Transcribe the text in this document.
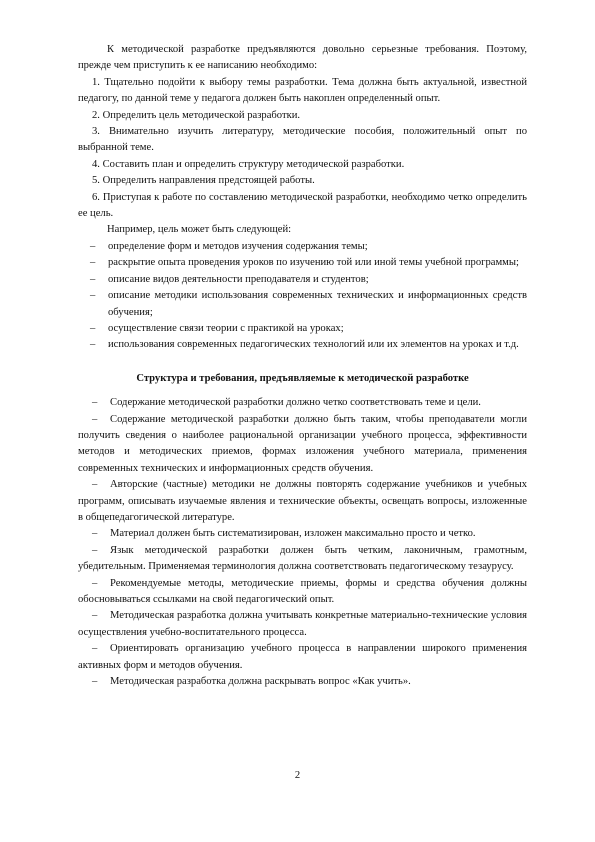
К методической разработке предъявляются довольно серьезные требования. Поэтому, прежде чем приступить к ее написанию необходимо:

1. Тщательно подойти к выбору темы разработки. Тема должна быть актуальной, известной педагогу, по данной теме у педагога должен быть накоплен определенный опыт.

2. Определить цель методической разработки.

3. Внимательно изучить литературу, методические пособия, положительный опыт по выбранной теме.

4. Составить план и определить структуру методической разработки.

5. Определить направления предстоящей работы.

6. Приступая к работе по составлению методической разработки, необходимо четко определить ее цель.

Например, цель может быть следующей:

– определение форм и методов изучения содержания темы;
– раскрытие опыта проведения уроков по изучению той или иной темы учебной программы;
– описание видов деятельности преподавателя и студентов;
– описание методики использования современных технических и информационных средств обучения;
– осуществление связи теории с практикой на уроках;
– использования современных педагогических технологий или их элементов на уроках и т.д.

Структура и требования, предъявляемые к методической разработке

– Содержание методической разработки должно четко соответствовать теме и цели.

– Содержание методической разработки должно быть таким, чтобы преподаватели могли получить сведения о наиболее рациональной организации учебного процесса, эффективности методов и методических приемов, формах изложения учебного материала, применения современных технических и информационных средств обучения.

– Авторские (частные) методики не должны повторять содержание учебников и учебных программ, описывать изучаемые явления и технические объекты, освещать вопросы, изложенные в общепедагогической литературе.

– Материал должен быть систематизирован, изложен максимально просто и четко.

– Язык методической разработки должен быть четким, лаконичным, грамотным, убедительным. Применяемая терминология должна соответствовать педагогическому тезаурусу.

– Рекомендуемые методы, методические приемы, формы и средства обучения должны обосновываться ссылками на свой педагогический опыт.

– Методическая разработка должна учитывать конкретные материально-технические условия осуществления учебно-воспитательного процесса.

– Ориентировать организацию учебного процесса в направлении широкого применения активных форм и методов обучения.

– Методическая разработка должна раскрывать вопрос «Как учить».

2
